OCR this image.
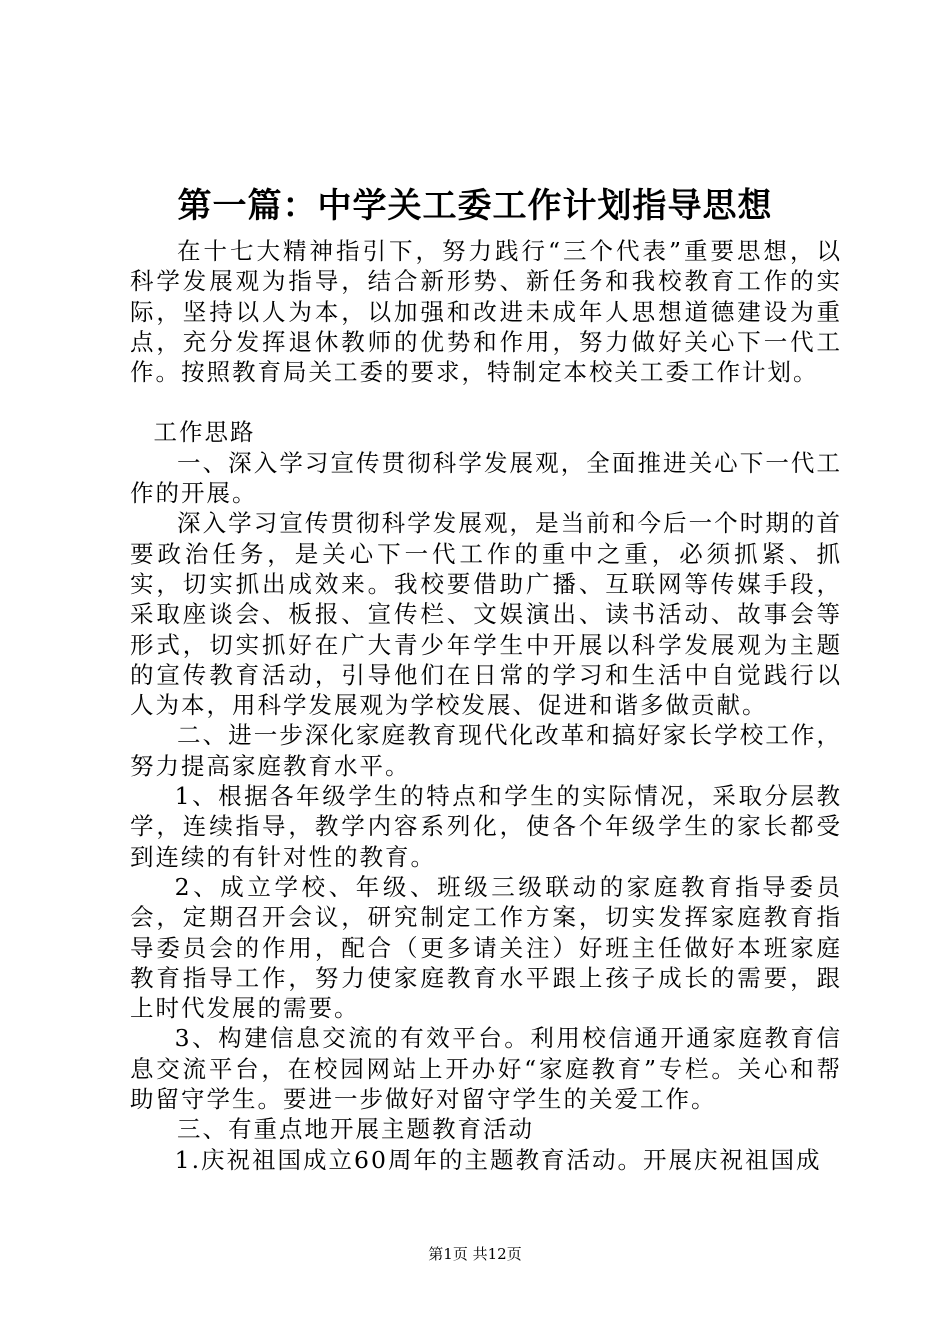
第一篇：中学关工委工作计划指导思想

在十七大精神指引下，努力践行“三个代表”重要思想，以科学发展观为指导，结合新形势、新任务和我校教育工作的实际，坚持以人为本，以加强和改进未成年人思想道德建设为重点，充分发挥退休教师的优势和作用，努力做好关心下一代工作。按照教育局关工委的要求，特制定本校关工委工作计划。

工作思路

一、深入学习宣传贯彻科学发展观，全面推进关心下一代工作的开展。

深入学习宣传贯彻科学发展观，是当前和今后一个时期的首要政治任务，是关心下一代工作的重中之重，必须抓紧、抓实，切实抓出成效来。我校要借助广播、互联网等传媒手段，采取座谈会、板报、宣传栏、文娱演出、读书活动、故事会等形式，切实抓好在广大青少年学生中开展以科学发展观为主题的宣传教育活动，引导他们在日常的学习和生活中自觉践行以人为本，用科学发展观为学校发展、促进和谐多做贡献。

二、进一步深化家庭教育现代化改革和搞好家长学校工作，努力提高家庭教育水平。

1、根据各年级学生的特点和学生的实际情况，采取分层教学，连续指导，教学内容系列化，使各个年级学生的家长都受到连续的有针对性的教育。

2、成立学校、年级、班级三级联动的家庭教育指导委员会，定期召开会议，研究制定工作方案，切实发挥家庭教育指导委员会的作用，配合（更多请关注）好班主任做好本班家庭教育指导工作，努力使家庭教育水平跟上孩子成长的需要，跟上时代发展的需要。

3、构建信息交流的有效平台。利用校信通开通家庭教育信息交流平台，在校园网站上开办好“家庭教育”专栏。关心和帮助留守学生。要进一步做好对留守学生的关爱工作。

三、有重点地开展主题教育活动

1.庆祝祖国成立60周年的主题教育活动。开展庆祝祖国成

第1页 共12页
